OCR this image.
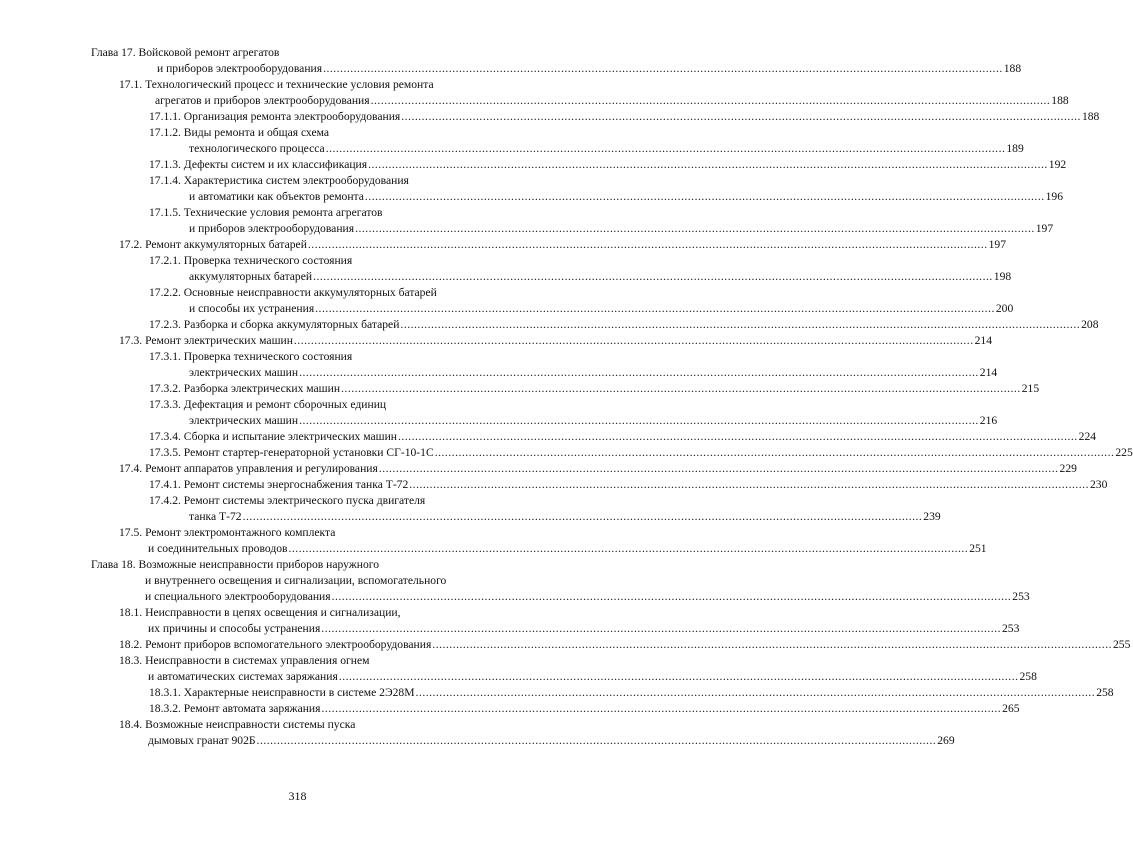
Глава 17. Войсковой ремонт агрегатов
и приборов электрооборудования ........................................................................................................................................................................................................ 188
17.1. Технологический процесс и технические условия ремонта
агрегатов и приборов электрооборудования ........................................................................................................................................................................................................ 188
17.1.1. Организация ремонта электрооборудования ........................................................................................................................................................................................................ 188
17.1.2. Виды ремонта и общая схема
технологического процесса ........................................................................................................................................................................................................ 189
17.1.3. Дефекты систем и их классификация ........................................................................................................................................................................................................ 192
17.1.4. Характеристика систем электрооборудования
и автоматики как объектов ремонта ........................................................................................................................................................................................................ 196
17.1.5. Технические условия ремонта агрегатов
и приборов электрооборудования ........................................................................................................................................................................................................ 197
17.2. Ремонт аккумуляторных батарей ........................................................................................................................................................................................................ 197
17.2.1. Проверка технического состояния
аккумуляторных батарей ........................................................................................................................................................................................................ 198
17.2.2. Основные неисправности аккумуляторных батарей
и способы их устранения ........................................................................................................................................................................................................ 200
17.2.3. Разборка и сборка аккумуляторных батарей ........................................................................................................................................................................................................ 208
17.3. Ремонт электрических машин ........................................................................................................................................................................................................ 214
17.3.1. Проверка технического состояния
электрических машин ........................................................................................................................................................................................................ 214
17.3.2. Разборка электрических машин ........................................................................................................................................................................................................ 215
17.3.3. Дефектация и ремонт сборочных единиц
электрических машин ........................................................................................................................................................................................................ 216
17.3.4. Сборка и испытание электрических машин ........................................................................................................................................................................................................ 224
17.3.5. Ремонт стартер-генераторной установки СГ-10-1С ........................................................................................................................................................................................................ 225
17.4. Ремонт аппаратов управления и регулирования ........................................................................................................................................................................................................ 229
17.4.1. Ремонт системы энергоснабжения танка Т-72 ........................................................................................................................................................................................................ 230
17.4.2. Ремонт системы электрического пуска двигателя
танка Т-72 ........................................................................................................................................................................................................ 239
17.5. Ремонт электромонтажного комплекта
и соединительных проводов ........................................................................................................................................................................................................ 251
Глава 18. Возможные неисправности приборов наружного
и внутреннего освещения и сигнализации, вспомогательного
и специального электрооборудования ........................................................................................................................................................................................................ 253
18.1. Неисправности в цепях освещения и сигнализации,
их причины и способы устранения ........................................................................................................................................................................................................ 253
18.2. Ремонт приборов вспомогательного электрооборудования ........................................................................................................................................................................................................ 255
18.3. Неисправности в системах управления огнем
и автоматических системах заряжания ........................................................................................................................................................................................................ 258
18.3.1. Характерные неисправности в системе 2Э28М ........................................................................................................................................................................................................ 258
18.3.2. Ремонт автомата заряжания ........................................................................................................................................................................................................ 265
18.4. Возможные неисправности системы пуска
дымовых гранат 902Б ........................................................................................................................................................................................................ 269
318
